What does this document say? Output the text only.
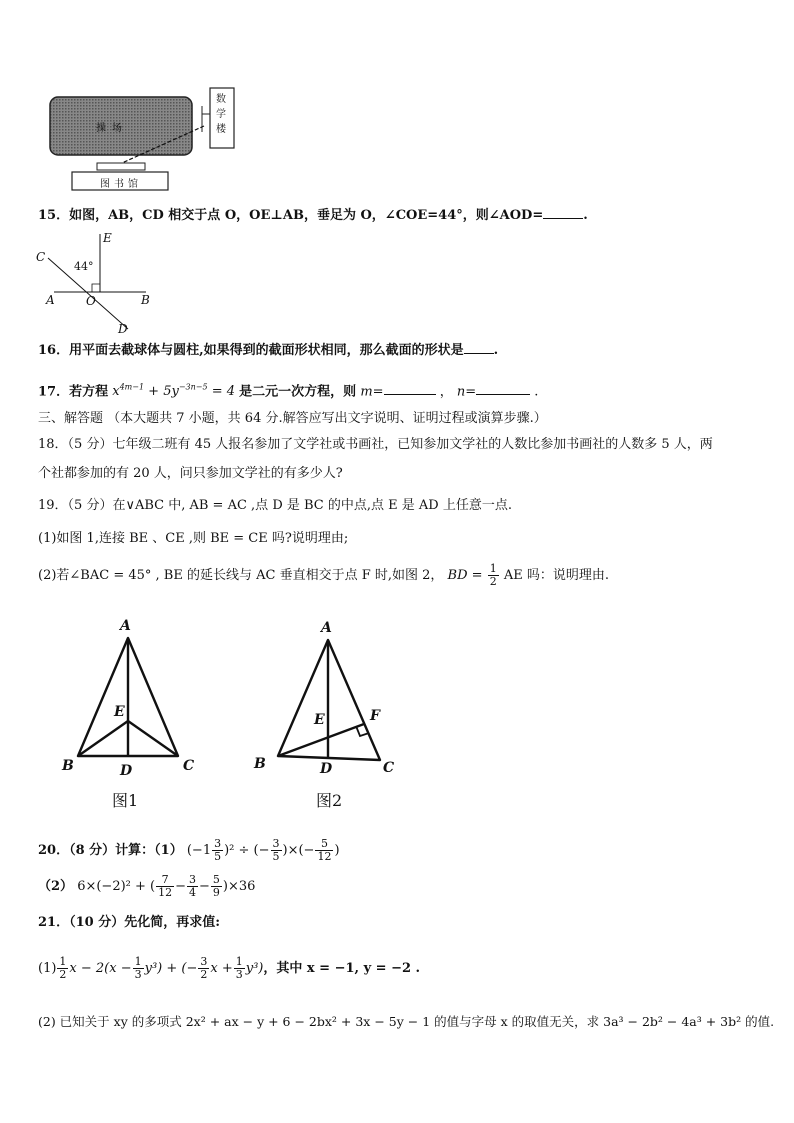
操场
数学楼
图书馆
15．如图，AB，CD 相交于点 O，OE⊥AB，垂足为 O，∠COE=44°，则∠AOD=	.
E
C
44°
A	O	B
D
16．用平面去截球体与圆柱,如果得到的截面形状相同，那么截面的形状是 .
17．若方程 $x^{4m-1} + 5y^{-3n-5} = 4$ 是二元一次方程，则 m=	， n=	.
三、解答题 （本大题共 7 小题，共 64 分.解答应写出文字说明、证明过程或演算步骤.）
18．（5 分）七年级二班有 45 人报名参加了文学社或书画社，已知参加文学社的人数比参加书画社的人数多 5 人，两
个社都参加的有 20 人，问只参加文学社的有多少人?
19．（5 分）在∨ABC 中, AB = AC ,点 D 是 BC 的中点,点 E 是 AD 上任意一点.
(1)如图 1,连接 BE 、CE ,则 BE = CE 吗?说明理由;
(2)若∠BAC = 45° , BE 的延长线与 AC 垂直相交于点 F 时,如图 2， BD = $\frac{1}{2}$ AE 吗：说明理由.
A
E
B	D	C
图1
A
E	F
B	D	C
图2
20．（8 分）计算：（1） $(-1 \frac{3}{5} )^2$ ÷ (− $\frac{3}{5}$ )×(− $\frac{5}{12}$ )
（2） 6×(−2)² + ( $\frac{7}{12} - \frac{3}{4} - \frac{5}{9} )\times 36$
21．（10 分）先化简，再求值:
$(1) \frac{1}{2}$ $x - 2(x - \frac{1}{3} y^3)$ + (− $\frac{3}{2}$ $x + \frac{1}{3} y^3$)，其中 x = −1, y = −2 .
(2) 已知关于 xy 的多项式 2x² + ax − y + 6 − 2bx² + 3x − 5y − 1 的值与字母 x 的取值无关，求 3a³ − 2b² − 4a³ + 3b² 的值.
